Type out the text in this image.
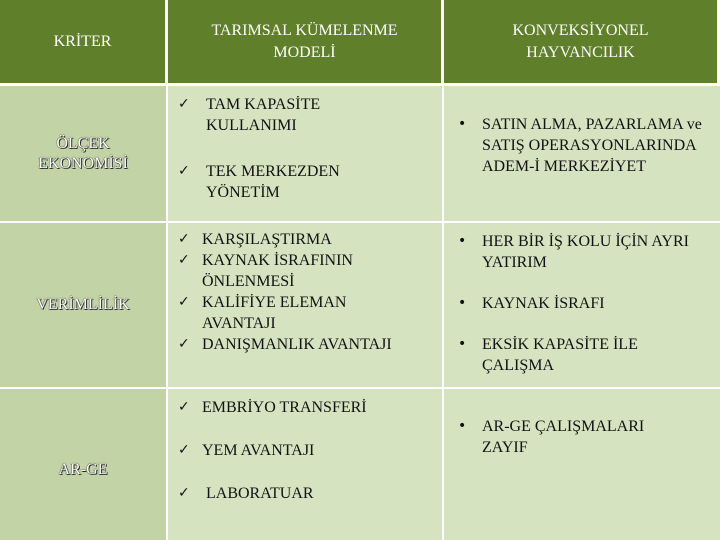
KRİTER
TARIMSAL KÜMELENME MODELİ
KONVEKSİYONEL HAYVANCILIK
ÖLÇEK EKONOMİSİ
✓ TAM KAPASİTE KULLANIMI
✓ TEK MERKEZDEN YÖNETİM
• SATIN ALMA, PAZARLAMA ve SATIŞ OPERASYONLARINDA ADEM-İ MERKEZİYET
VERİMLİLİK
✓ KARŞILAŞTIRMA
✓ KAYNAK İSRAFININ ÖNLENMESİ
✓ KALİFİYE ELEMAN AVANTAJI
✓ DANIŞMANLIK AVANTAJI
• HER BİR İŞ KOLU İÇİN AYRI YATIRIM
• KAYNAK İSRAFI
• EKSİK KAPASİTE İLE ÇALIŞMA
AR-GE
✓ EMBRİYO TRANSFERİ
✓ YEM AVANTAJI
✓ LABORATUAR
• AR-GE ÇALIŞMALARI ZAYIF
